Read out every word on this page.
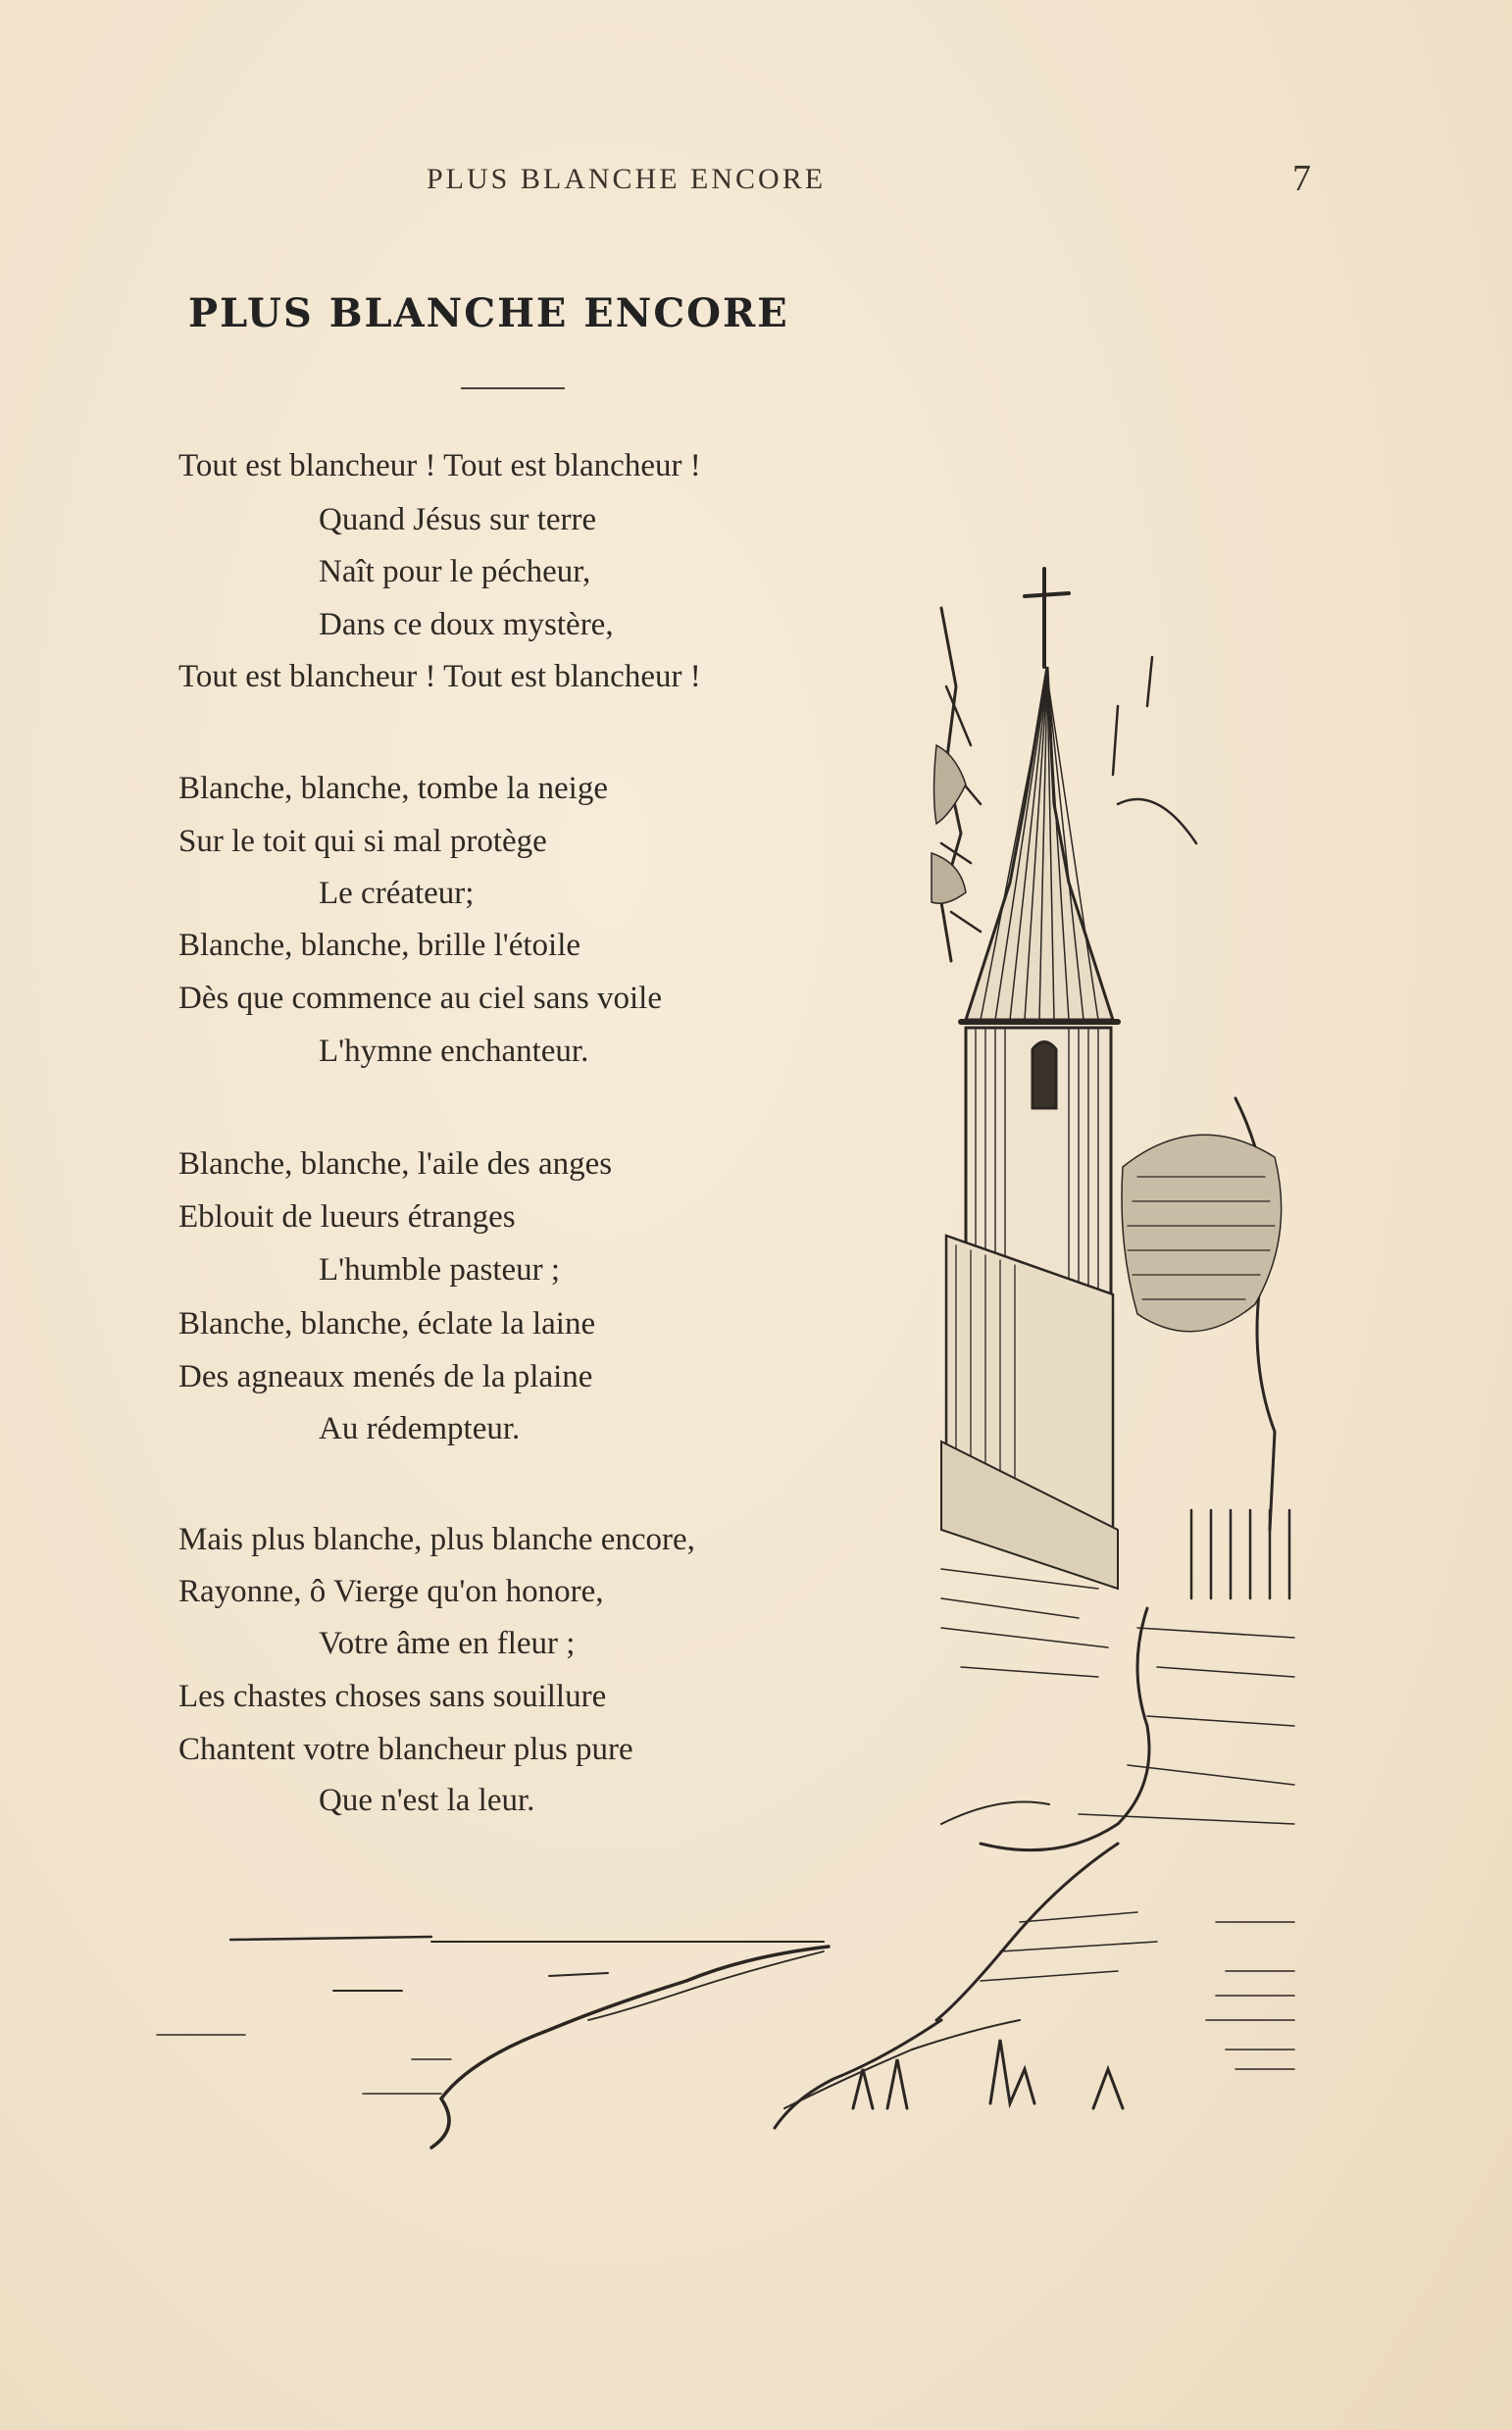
PLUS BLANCHE ENCORE	7
PLUS BLANCHE ENCORE
Tout est blancheur ! Tout est blancheur !
Quand Jésus sur terre
Naît pour le pécheur,
Dans ce doux mystère,
Tout est blancheur ! Tout est blancheur !
Blanche, blanche, tombe la neige
Sur le toit qui si mal protège
Le créateur;
Blanche, blanche, brille l'étoile
Dès que commence au ciel sans voile
L'hymne enchanteur.
Blanche, blanche, l'aile des anges
Eblouit de lueurs étranges
L'humble pasteur ;
Blanche, blanche, éclate la laine
Des agneaux menés de la plaine
Au rédempteur.
Mais plus blanche, plus blanche encore,
Rayonne, ô Vierge qu'on honore,
Votre âme en fleur ;
Les chastes choses sans souillure
Chantent votre blancheur plus pure
Que n'est la leur.
